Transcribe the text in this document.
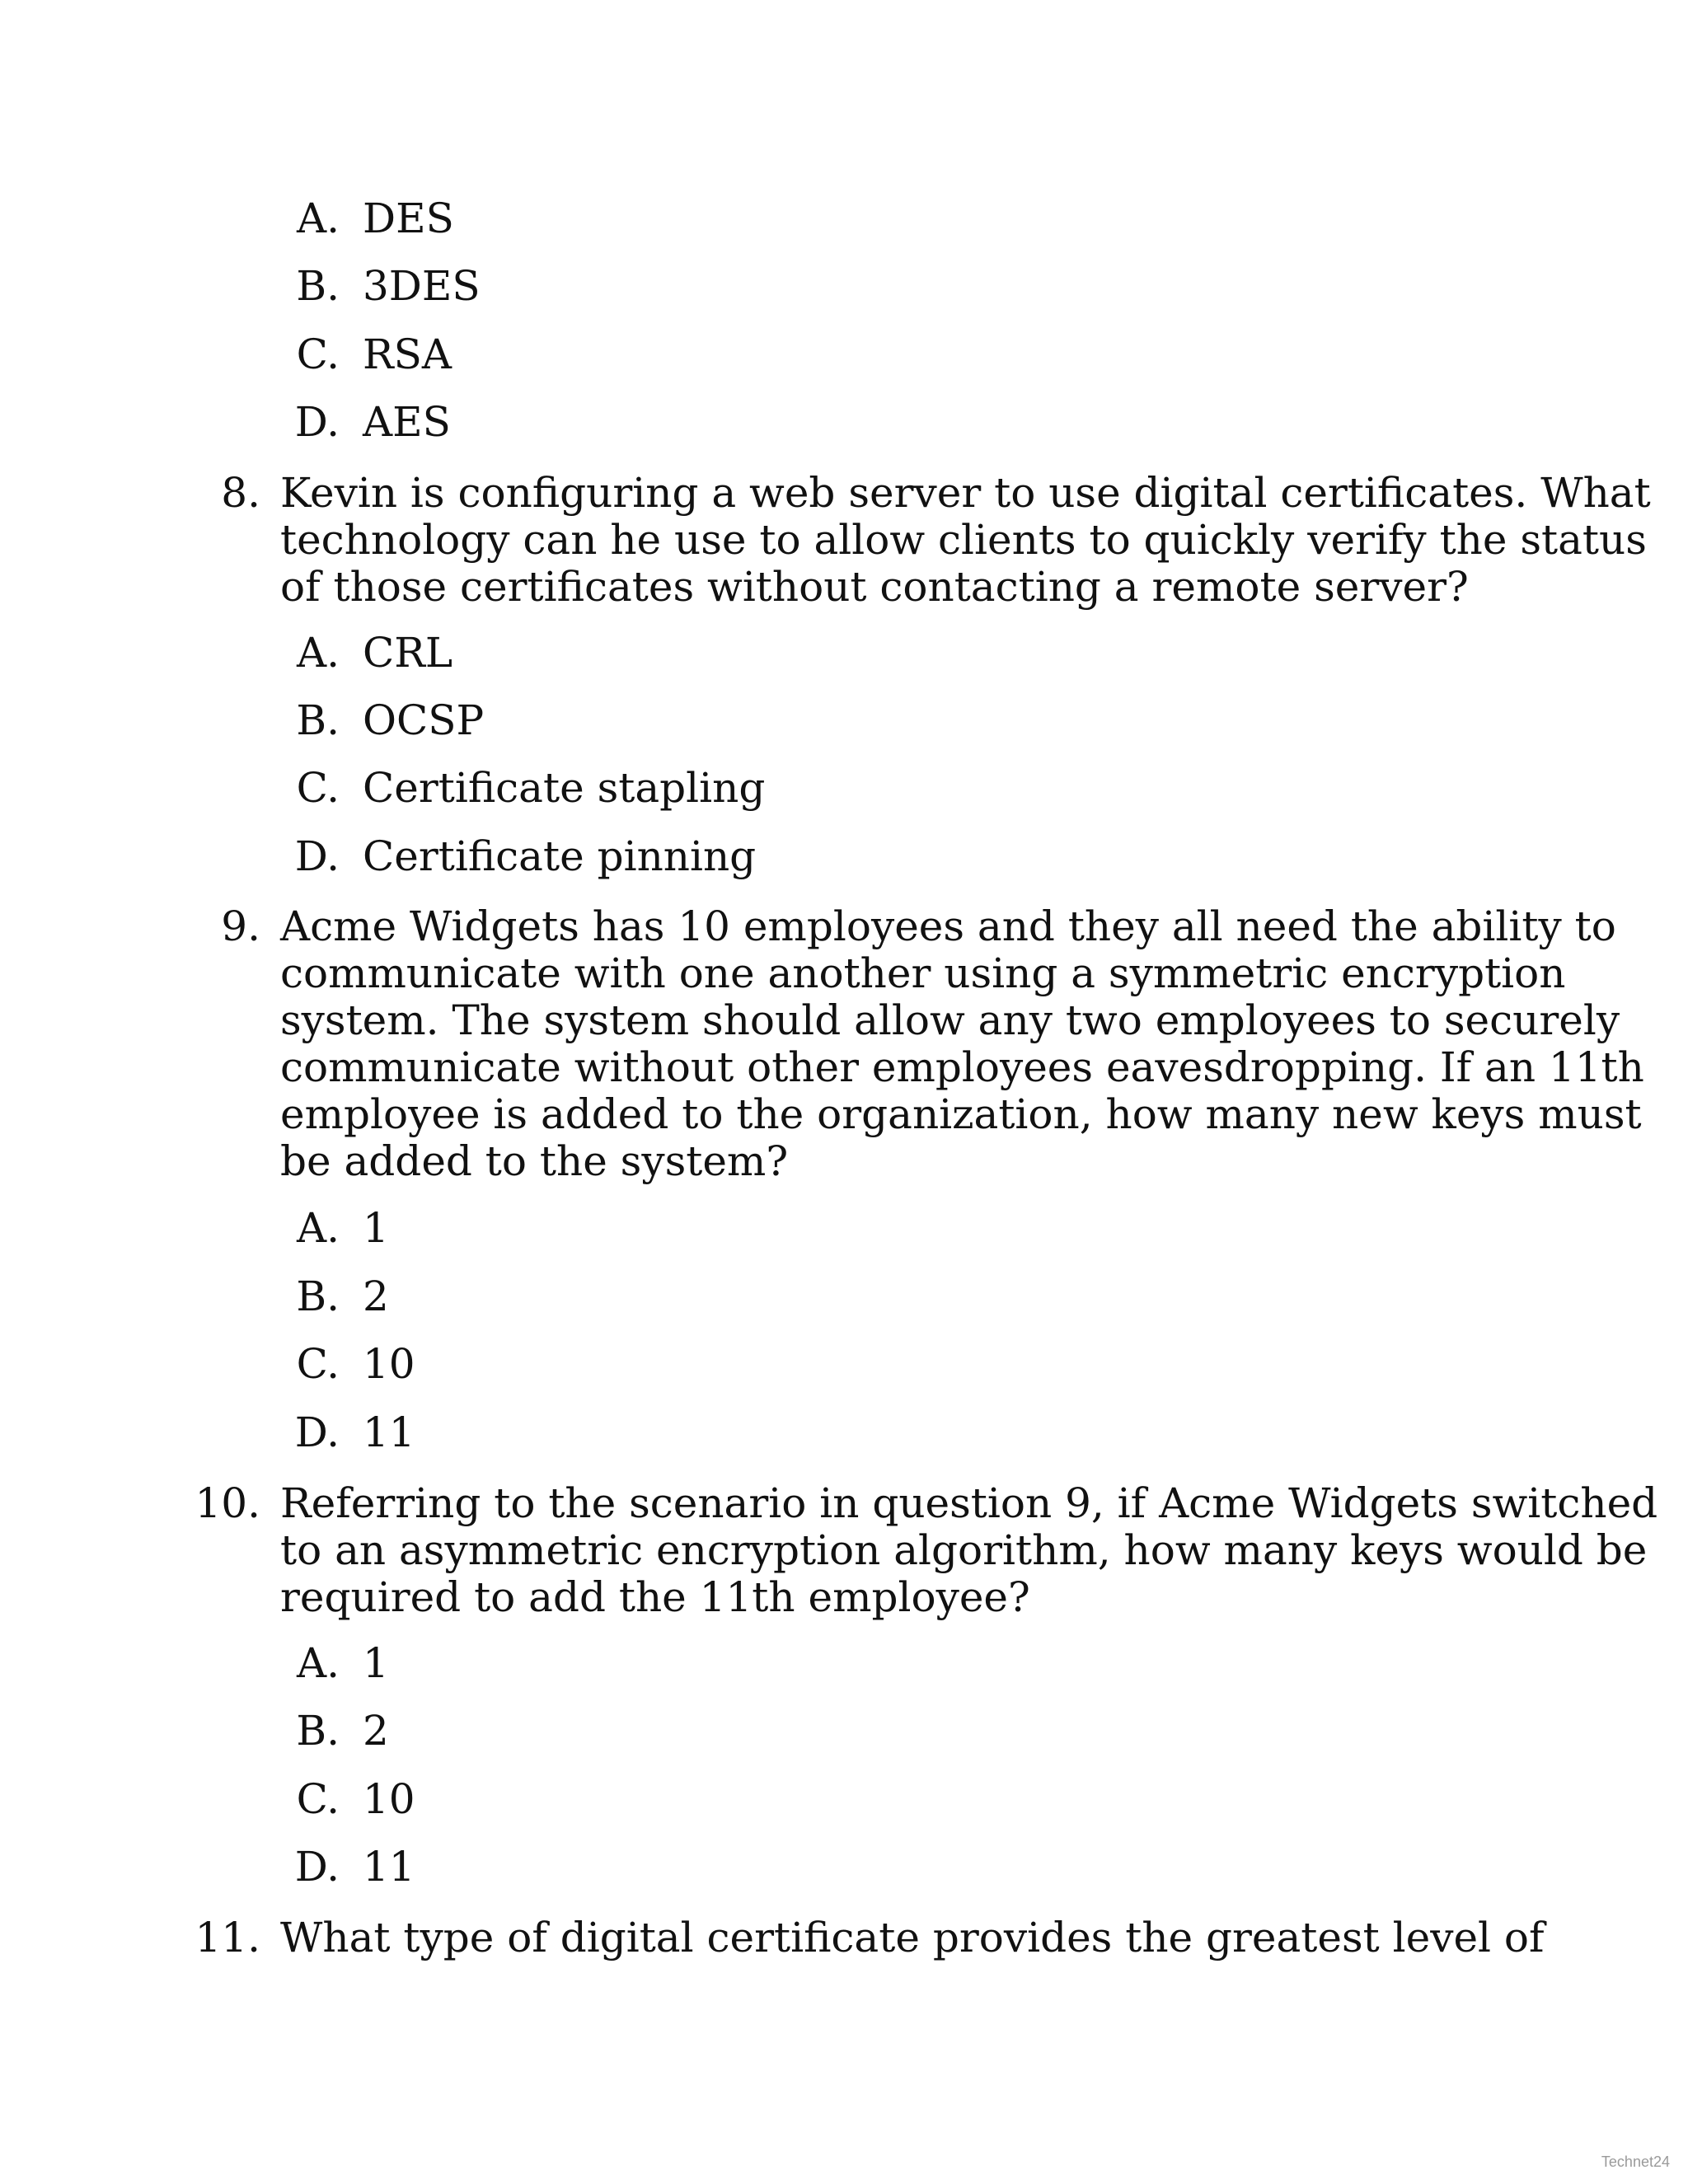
A. DES
B. 3DES
C. RSA
D. AES
8. Kevin is configuring a web server to use digital certificates. What
technology can he use to allow clients to quickly verify the status
of those certificates without contacting a remote server?
A. CRL
B. OCSP
C. Certificate stapling
D. Certificate pinning
9. Acme Widgets has 10 employees and they all need the ability to
communicate with one another using a symmetric encryption
system. The system should allow any two employees to securely
communicate without other employees eavesdropping. If an 11th
employee is added to the organization, how many new keys must
be added to the system?
A. 1
B. 2
C. 10
D. 11
10. Referring to the scenario in question 9, if Acme Widgets switched
to an asymmetric encryption algorithm, how many keys would be
required to add the 11th employee?
A. 1
B. 2
C. 10
D. 11
11. What type of digital certificate provides the greatest level of
Technet24
